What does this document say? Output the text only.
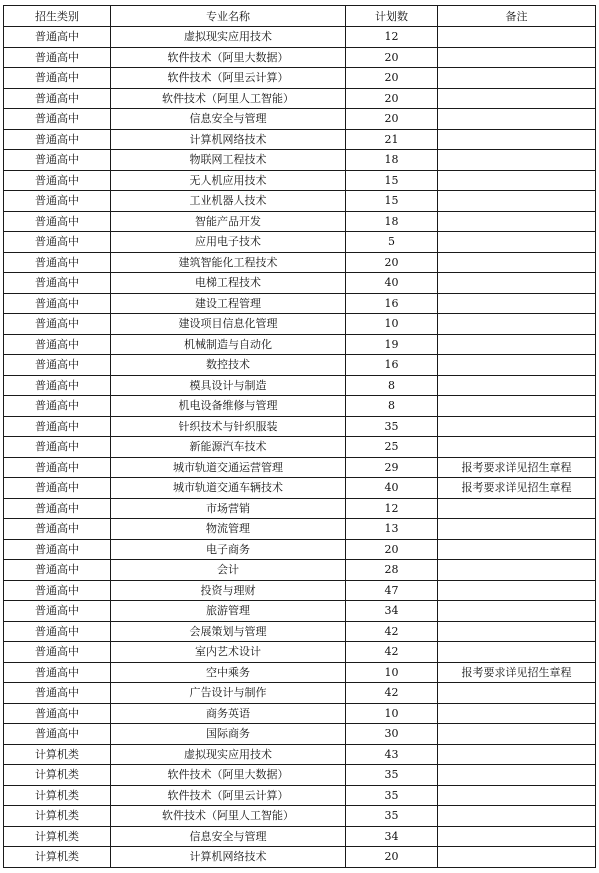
招生类别	专业名称	计划数	备注
普通高中	虚拟现实应用技术	12	
普通高中	软件技术（阿里大数据）	20	
普通高中	软件技术（阿里云计算）	20	
普通高中	软件技术（阿里人工智能）	20	
普通高中	信息安全与管理	20	
普通高中	计算机网络技术	21	
普通高中	物联网工程技术	18	
普通高中	无人机应用技术	15	
普通高中	工业机器人技术	15	
普通高中	智能产品开发	18	
普通高中	应用电子技术	5	
普通高中	建筑智能化工程技术	20	
普通高中	电梯工程技术	40	
普通高中	建设工程管理	16	
普通高中	建设项目信息化管理	10	
普通高中	机械制造与自动化	19	
普通高中	数控技术	16	
普通高中	模具设计与制造	8	
普通高中	机电设备维修与管理	8	
普通高中	针织技术与针织服装	35	
普通高中	新能源汽车技术	25	
普通高中	城市轨道交通运营管理	29	报考要求详见招生章程
普通高中	城市轨道交通车辆技术	40	报考要求详见招生章程
普通高中	市场营销	12	
普通高中	物流管理	13	
普通高中	电子商务	20	
普通高中	会计	28	
普通高中	投资与理财	47	
普通高中	旅游管理	34	
普通高中	会展策划与管理	42	
普通高中	室内艺术设计	42	
普通高中	空中乘务	10	报考要求详见招生章程
普通高中	广告设计与制作	42	
普通高中	商务英语	10	
普通高中	国际商务	30	
计算机类	虚拟现实应用技术	43	
计算机类	软件技术（阿里大数据）	35	
计算机类	软件技术（阿里云计算）	35	
计算机类	软件技术（阿里人工智能）	35	
计算机类	信息安全与管理	34	
计算机类	计算机网络技术	20	
